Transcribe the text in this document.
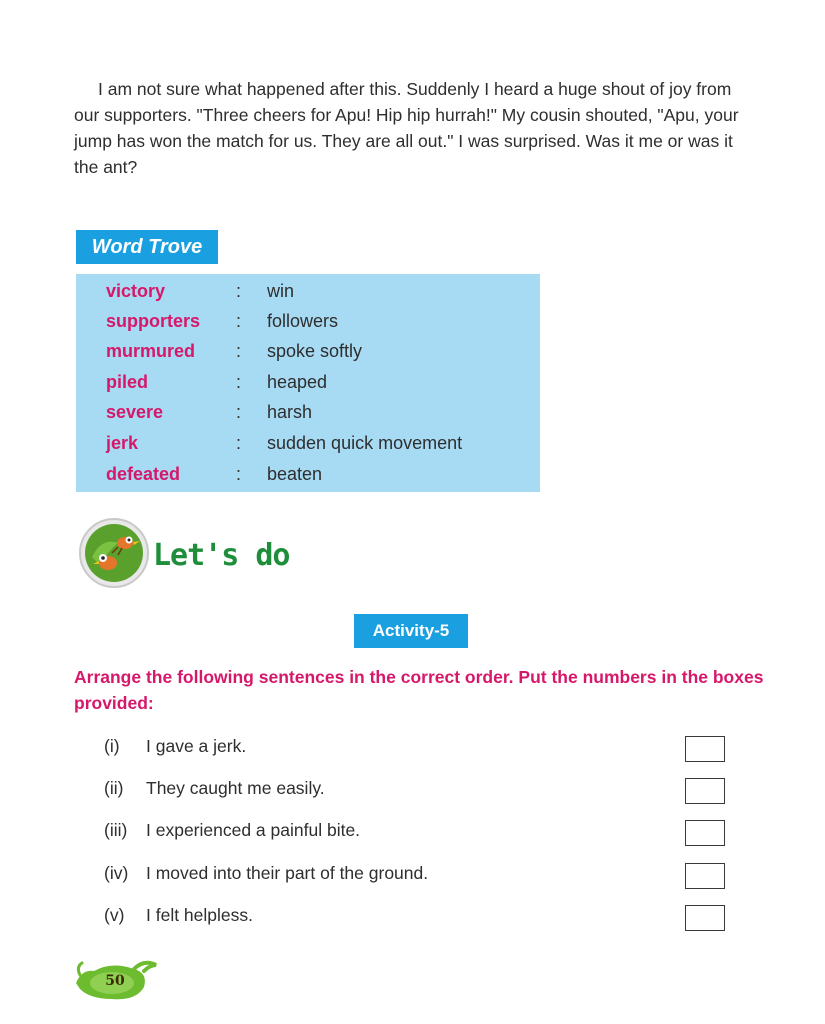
I am not sure what happened after this. Suddenly I heard a huge shout of joy from our supporters. "Three cheers for Apu! Hip hip hurrah!" My cousin shouted, "Apu, your jump has won the match for us. They are all out." I was surprised. Was it me or was it the ant?

Word Trove
victory	: win
supporters : followers
murmured : spoke softly
piled	: heaped
severe	: harsh
jerk	: sudden quick movement
defeated	: beaten
Let's do
Activity-5

Arrange the following sentences in the correct order. Put the numbers in the boxes provided:

(i) I gave a jerk.
(ii) They caught me easily.
(iii) I experienced a painful bite.
(iv) I moved into their part of the ground.
(v) I felt helpless.
50
